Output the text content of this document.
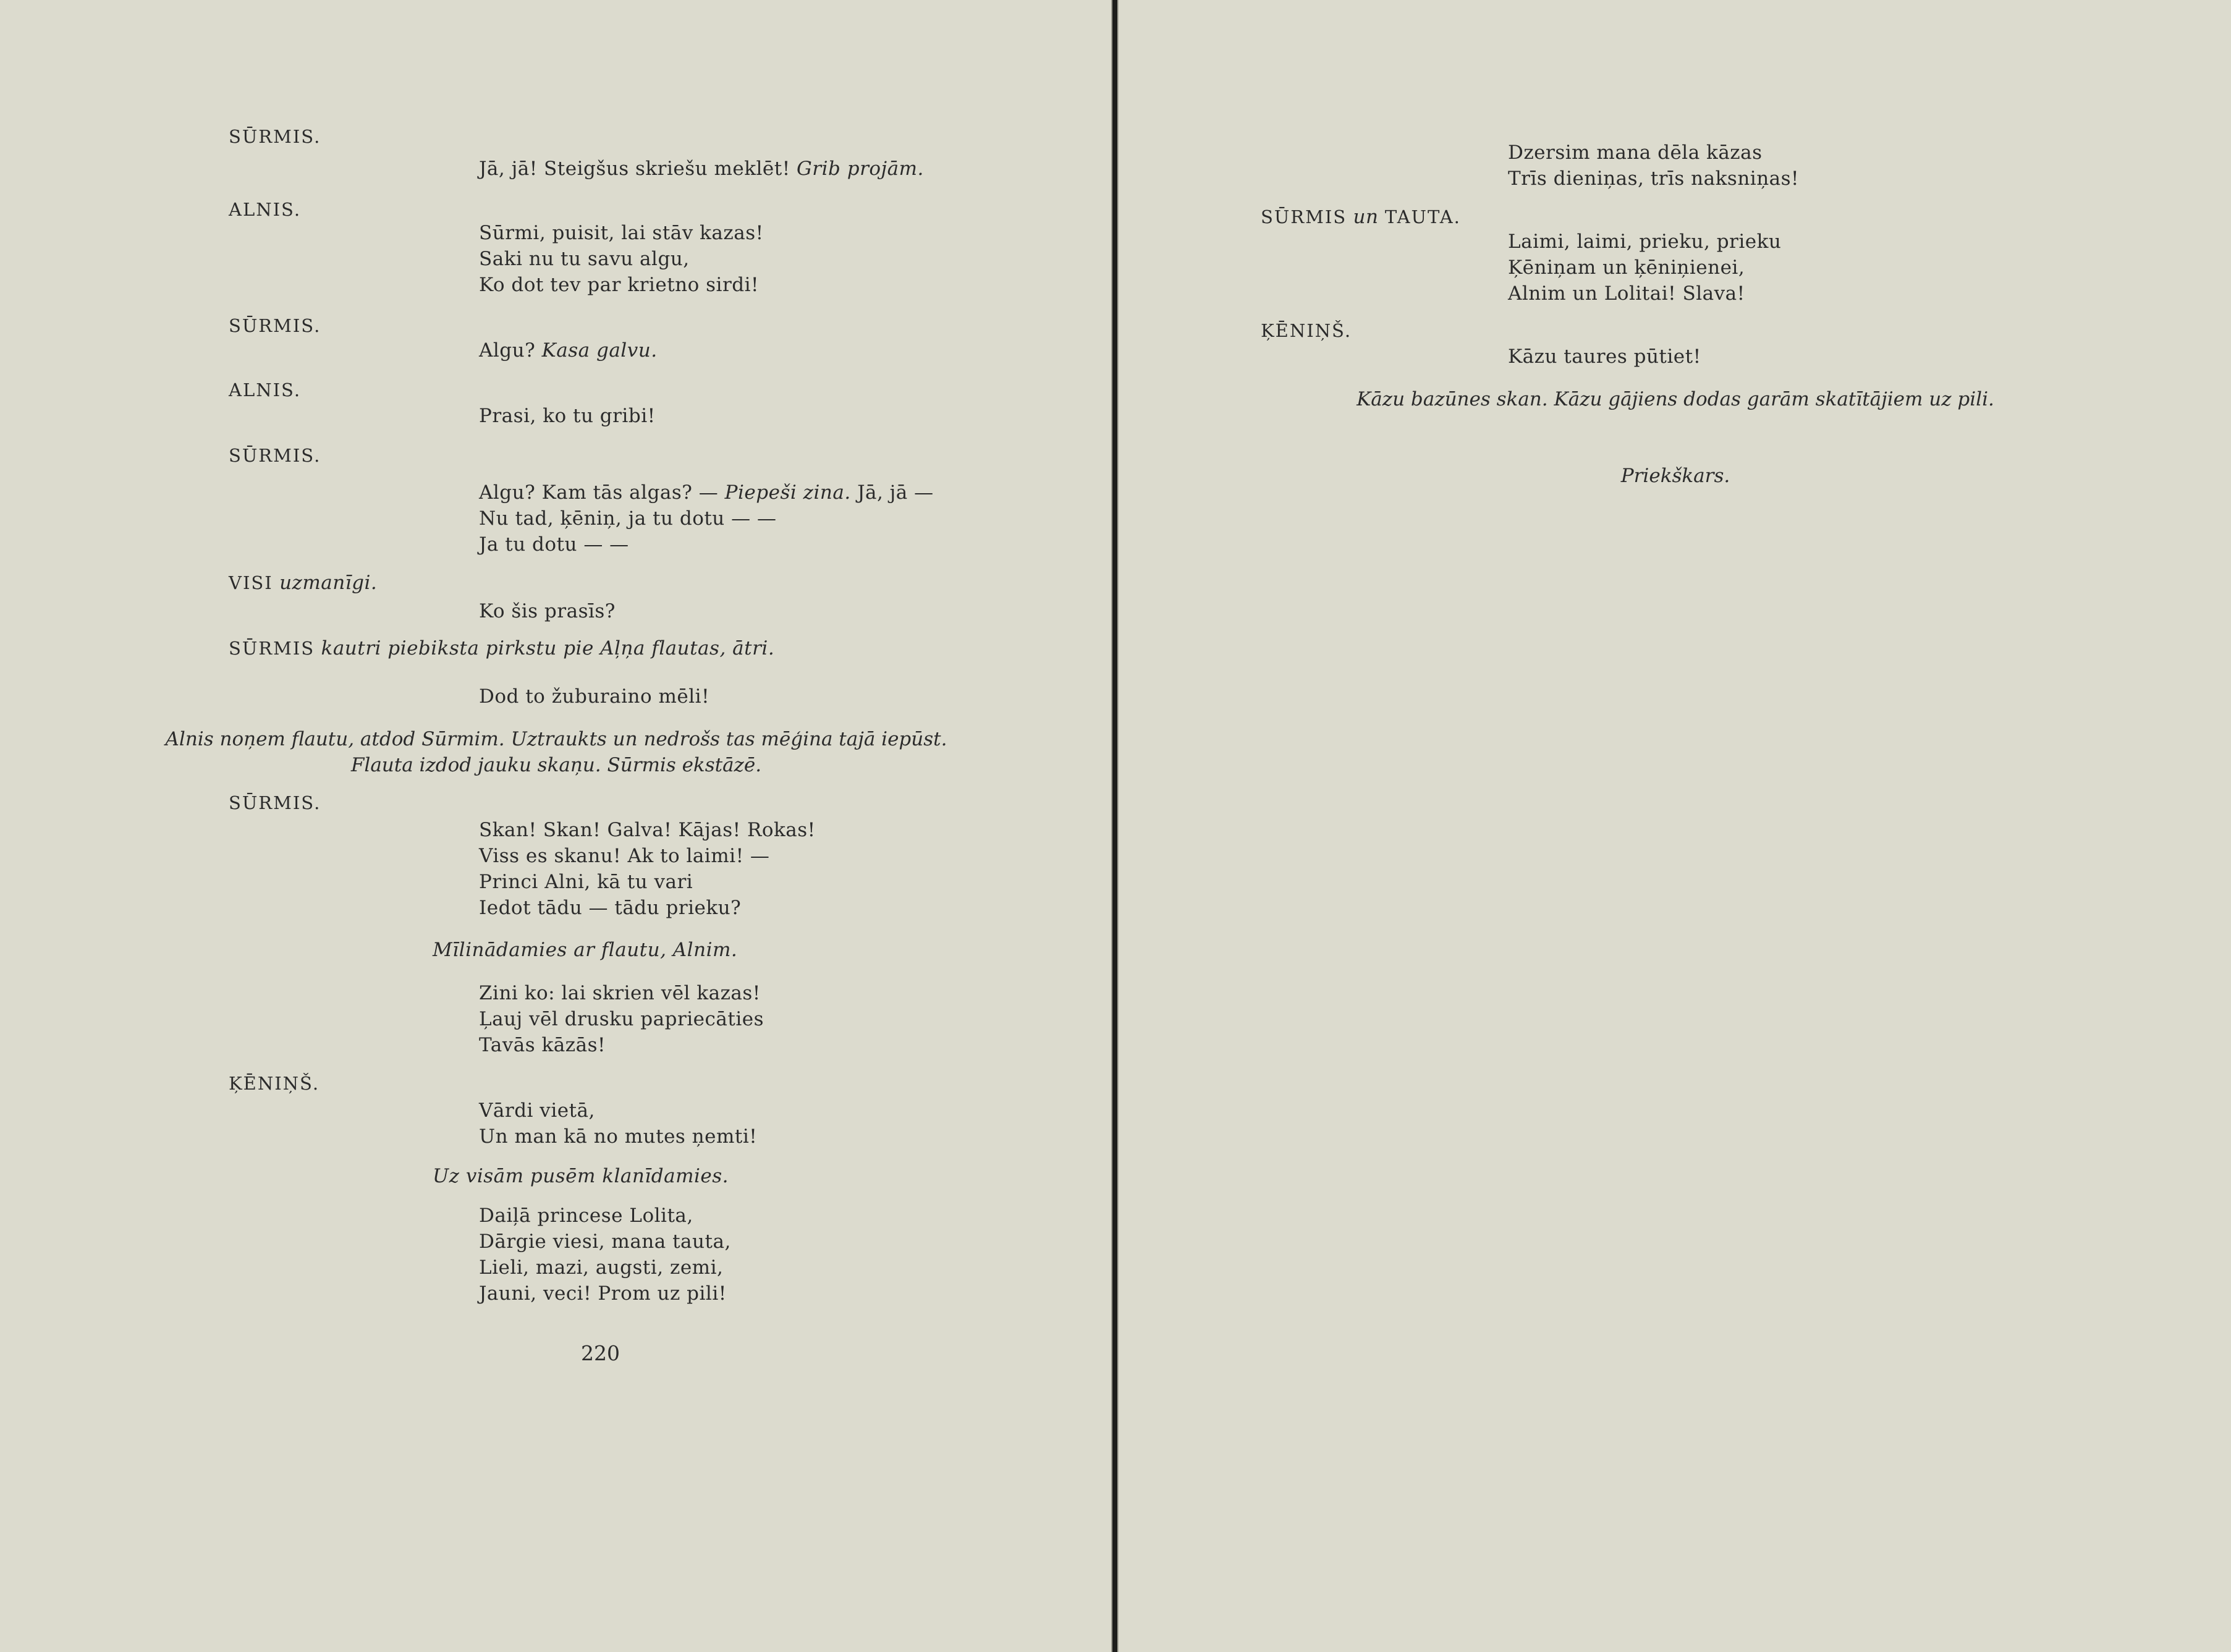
SŪRMIS.
Jā, jā! Steigšus skriešu meklēt! Grib projām.
ALNIS.
Sūrmi, puisit, lai stāv kazas!
Saki nu tu savu algu,
Ko dot tev par krietno sirdi!
SŪRMIS.
Algu? Kasa galvu.
ALNIS.
Prasi, ko tu gribi!
SŪRMIS.
Algu? Kam tās algas? — Piepeši zina. Jā, jā —
Nu tad, ķēniņ, ja tu dotu — —
Ja tu dotu — —
VISI uzmanīgi.
Ko šis prasīs?
SŪRMIS kautri piebiksta pirkstu pie Aļņa flautas, ātri.
Dod to žuburaino mēli!
Alnis noņem flautu, atdod Sūrmim. Uztraukts un nedrošs tas mēģina tajā iepūst.
Flauta izdod jauku skaņu. Sūrmis ekstāzē.
SŪRMIS.
Skan! Skan! Galva! Kājas! Rokas!
Viss es skanu! Ak to laimi! —
Princi Alni, kā tu vari
Iedot tādu — tādu prieku?
Mīlinādamies ar flautu, Alnim.
Zini ko: lai skrien vēl kazas!
Ļauj vēl drusku papriecāties
Tavās kāzās!
ĶĒNIŅŠ.
Vārdi vietā,
Un man kā no mutes ņemti!
Uz visām pusēm klanīdamies.
Daiļā princese Lolita,
Dārgie viesi, mana tauta,
Lieli, mazi, augsti, zemi,
Jauni, veci! Prom uz pili!
220
Dzersim mana dēla kāzas
Trīs dieniņas, trīs naksniņas!
SŪRMIS un TAUTA.
Laimi, laimi, prieku, prieku
Ķēniņam un ķēniņienei,
Alnim un Lolitai! Slava!
ĶĒNIŅŠ.
Kāzu taures pūtiet!
Kāzu bazūnes skan. Kāzu gājiens dodas garām skatītājiem uz pili.
Priekškars.
